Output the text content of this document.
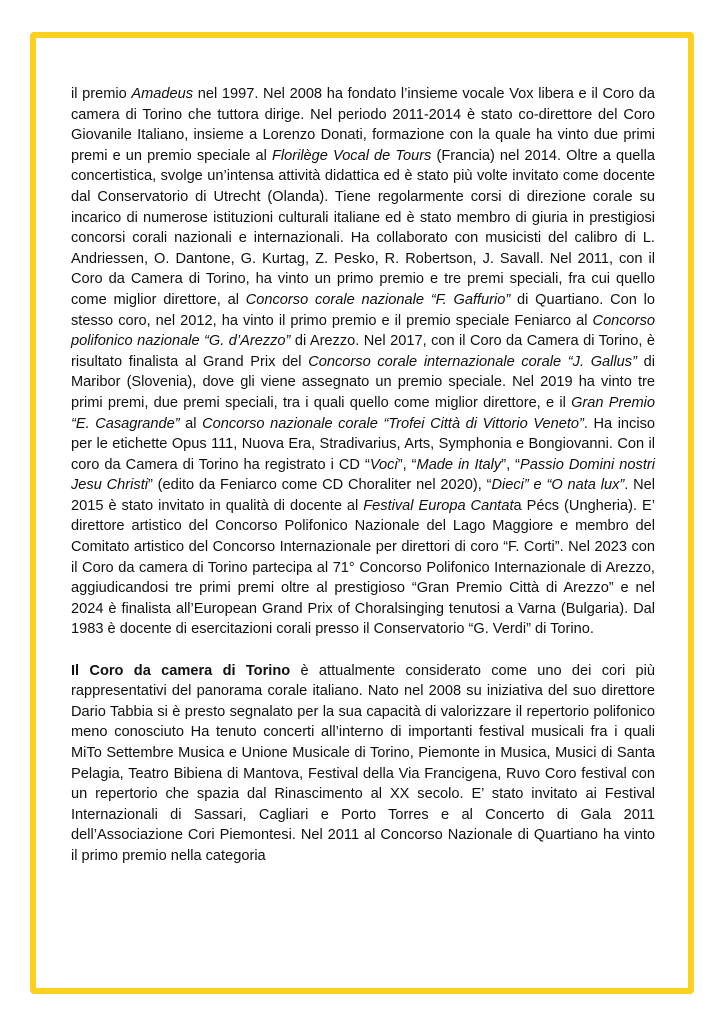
il premio Amadeus nel 1997. Nel 2008 ha fondato l’insieme vocale Vox libera e il Coro da camera di Torino che tuttora dirige. Nel periodo 2011-2014 è stato co-direttore del Coro Giovanile Italiano, insieme a Lorenzo Donati, formazione con la quale ha vinto due primi premi e un premio speciale al Florilège Vocal de Tours (Francia) nel 2014. Oltre a quella concertistica, svolge un’intensa attività didattica ed è stato più volte invitato come docente dal Conservatorio di Utrecht (Olanda). Tiene regolarmente corsi di direzione corale su incarico di numerose istituzioni culturali italiane ed è stato membro di giuria in prestigiosi concorsi corali nazionali e internazionali. Ha collaborato con musicisti del calibro di L. Andriessen, O. Dantone, G. Kurtag, Z. Pesko, R. Robertson, J. Savall. Nel 2011, con il Coro da Camera di Torino, ha vinto un primo premio e tre premi speciali, fra cui quello come miglior direttore, al Concorso corale nazionale “F. Gaffurio” di Quartiano. Con lo stesso coro, nel 2012, ha vinto il primo premio e il premio speciale Feniarco al Concorso polifonico nazionale “G. d’Arezzo” di Arezzo. Nel 2017, con il Coro da Camera di Torino, è risultato finalista al Grand Prix del Concorso corale internazionale corale “J. Gallus” di Maribor (Slovenia), dove gli viene assegnato un premio speciale. Nel 2019 ha vinto tre primi premi, due premi speciali, tra i quali quello come miglior direttore, e il Gran Premio “E. Casagrande” al Concorso nazionale corale “Trofei Città di Vittorio Veneto”. Ha inciso per le etichette Opus 111, Nuova Era, Stradivarius, Arts, Symphonia e Bongiovanni. Con il coro da Camera di Torino ha registrato i CD “Voci”, “Made in Italy”, “Passio Domini nostri Jesu Christi” (edito da Feniarco come CD Choraliter nel 2020), “Dieci” e “O nata lux”. Nel 2015 è stato invitato in qualità di docente al Festival Europa Cantata Pécs (Ungheria). E’ direttore artistico del Concorso Polifonico Nazionale del Lago Maggiore e membro del Comitato artistico del Concorso Internazionale per direttori di coro “F. Corti”. Nel 2023 con il Coro da camera di Torino partecipa al 71° Concorso Polifonico Internazionale di Arezzo, aggiudicandosi tre primi premi oltre al prestigioso “Gran Premio Città di Arezzo” e nel 2024 è finalista all’European Grand Prix of Choralsinging tenutosi a Varna (Bulgaria). Dal 1983 è docente di esercitazioni corali presso il Conservatorio “G. Verdi” di Torino.

Il Coro da camera di Torino è attualmente considerato come uno dei cori più rappresentativi del panorama corale italiano. Nato nel 2008 su iniziativa del suo direttore Dario Tabbia si è presto segnalato per la sua capacità di valorizzare il repertorio polifonico meno conosciuto Ha tenuto concerti all’interno di importanti festival musicali fra i quali MiTo Settembre Musica e Unione Musicale di Torino, Piemonte in Musica, Musici di Santa Pelagia, Teatro Bibiena di Mantova, Festival della Via Francigena, Ruvo Coro festival con un repertorio che spazia dal Rinascimento al XX secolo. E’ stato invitato ai Festival Internazionali di Sassari, Cagliari e Porto Torres e al Concerto di Gala 2011 dell’Associazione Cori Piemontesi. Nel 2011 al Concorso Nazionale di Quartiano ha vinto il primo premio nella categoria
